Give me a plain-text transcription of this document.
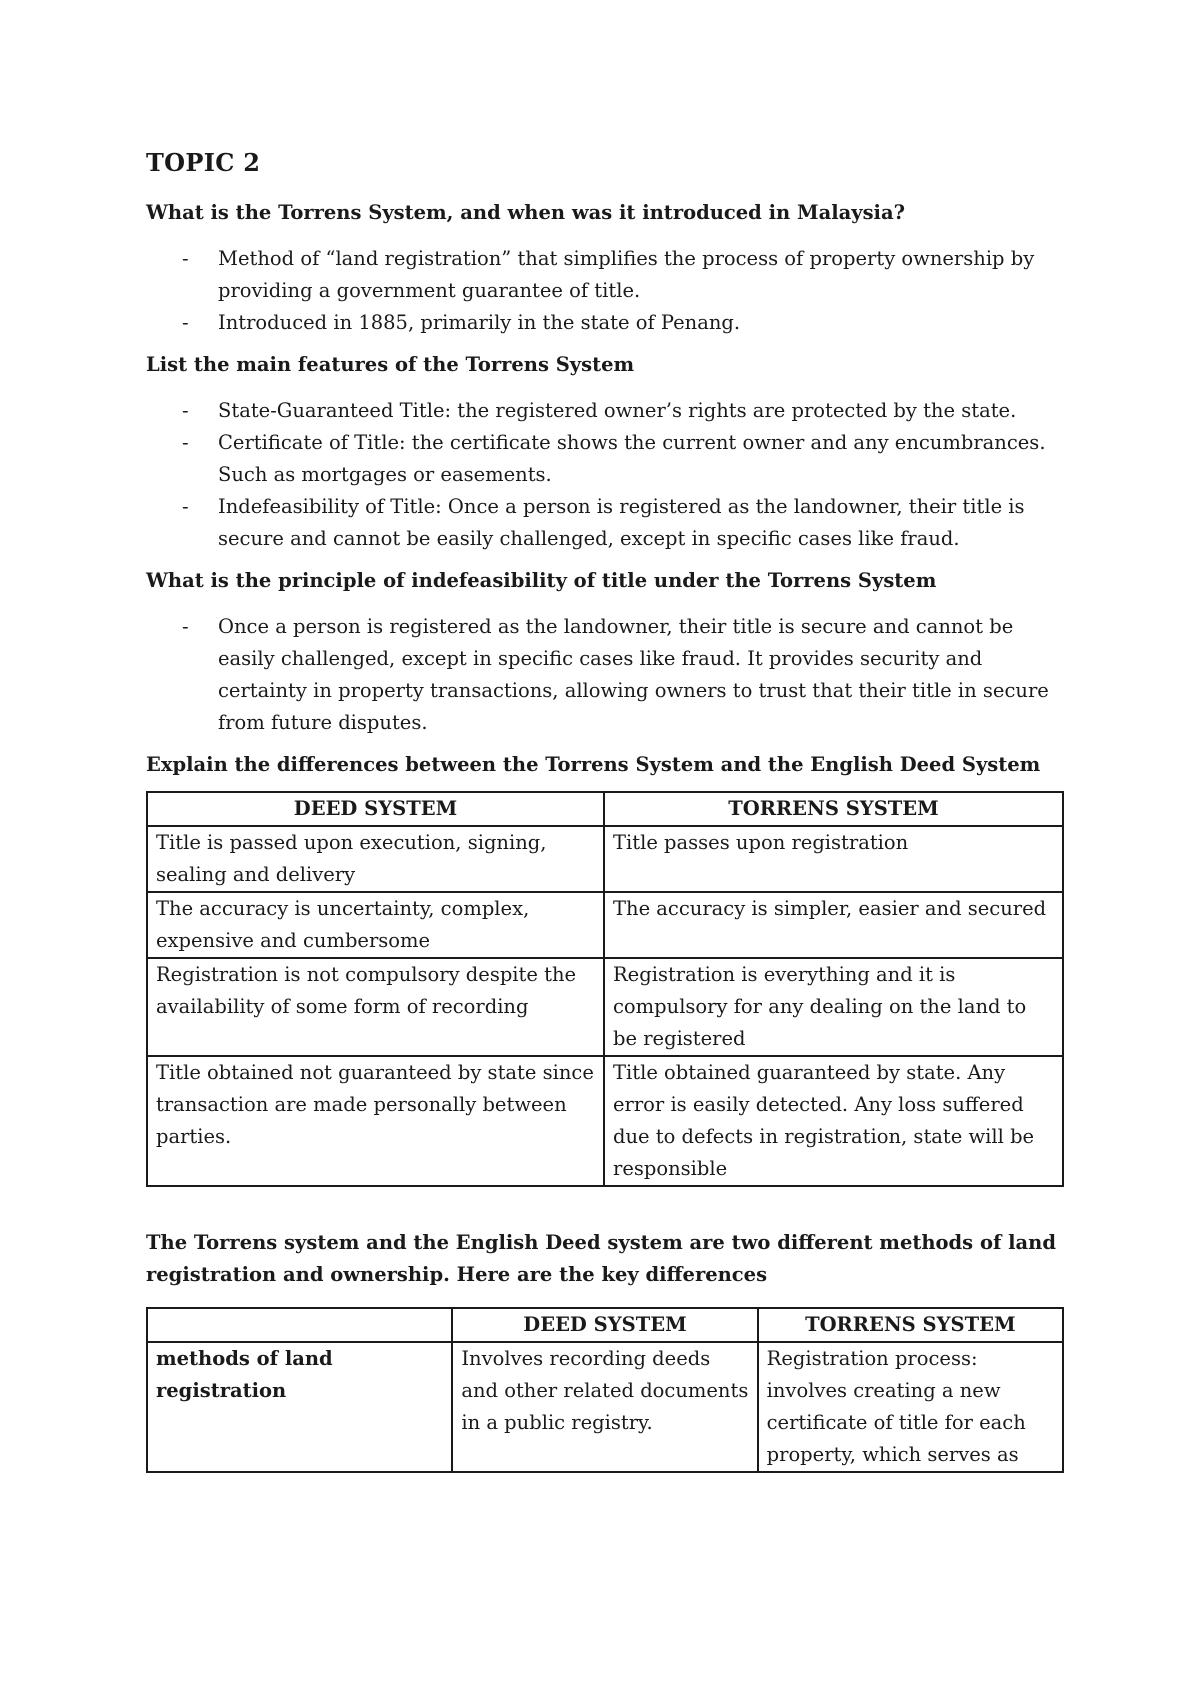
TOPIC 2
What is the Torrens System, and when was it introduced in Malaysia?
- Method of “land registration” that simplifies the process of property ownership by providing a government guarantee of title.
- Introduced in 1885, primarily in the state of Penang.
List the main features of the Torrens System
- State-Guaranteed Title: the registered owner’s rights are protected by the state.
- Certificate of Title: the certificate shows the current owner and any encumbrances. Such as mortgages or easements.
- Indefeasibility of Title: Once a person is registered as the landowner, their title is secure and cannot be easily challenged, except in specific cases like fraud.
What is the principle of indefeasibility of title under the Torrens System
- Once a person is registered as the landowner, their title is secure and cannot be easily challenged, except in specific cases like fraud. It provides security and certainty in property transactions, allowing owners to trust that their title in secure from future disputes.
Explain the differences between the Torrens System and the English Deed System
DEED SYSTEM	TORRENS SYSTEM
Title is passed upon execution, signing, sealing and delivery	Title passes upon registration
The accuracy is uncertainty, complex, expensive and cumbersome	The accuracy is simpler, easier and secured
Registration is not compulsory despite the availability of some form of recording	Registration is everything and it is compulsory for any dealing on the land to be registered
Title obtained not guaranteed by state since transaction are made personally between parties.	Title obtained guaranteed by state. Any error is easily detected. Any loss suffered due to defects in registration, state will be responsible
The Torrens system and the English Deed system are two different methods of land registration and ownership. Here are the key differences
	DEED SYSTEM	TORRENS SYSTEM
methods of land registration	Involves recording deeds and other related documents in a public registry.	Registration process: involves creating a new certificate of title for each property, which serves as
